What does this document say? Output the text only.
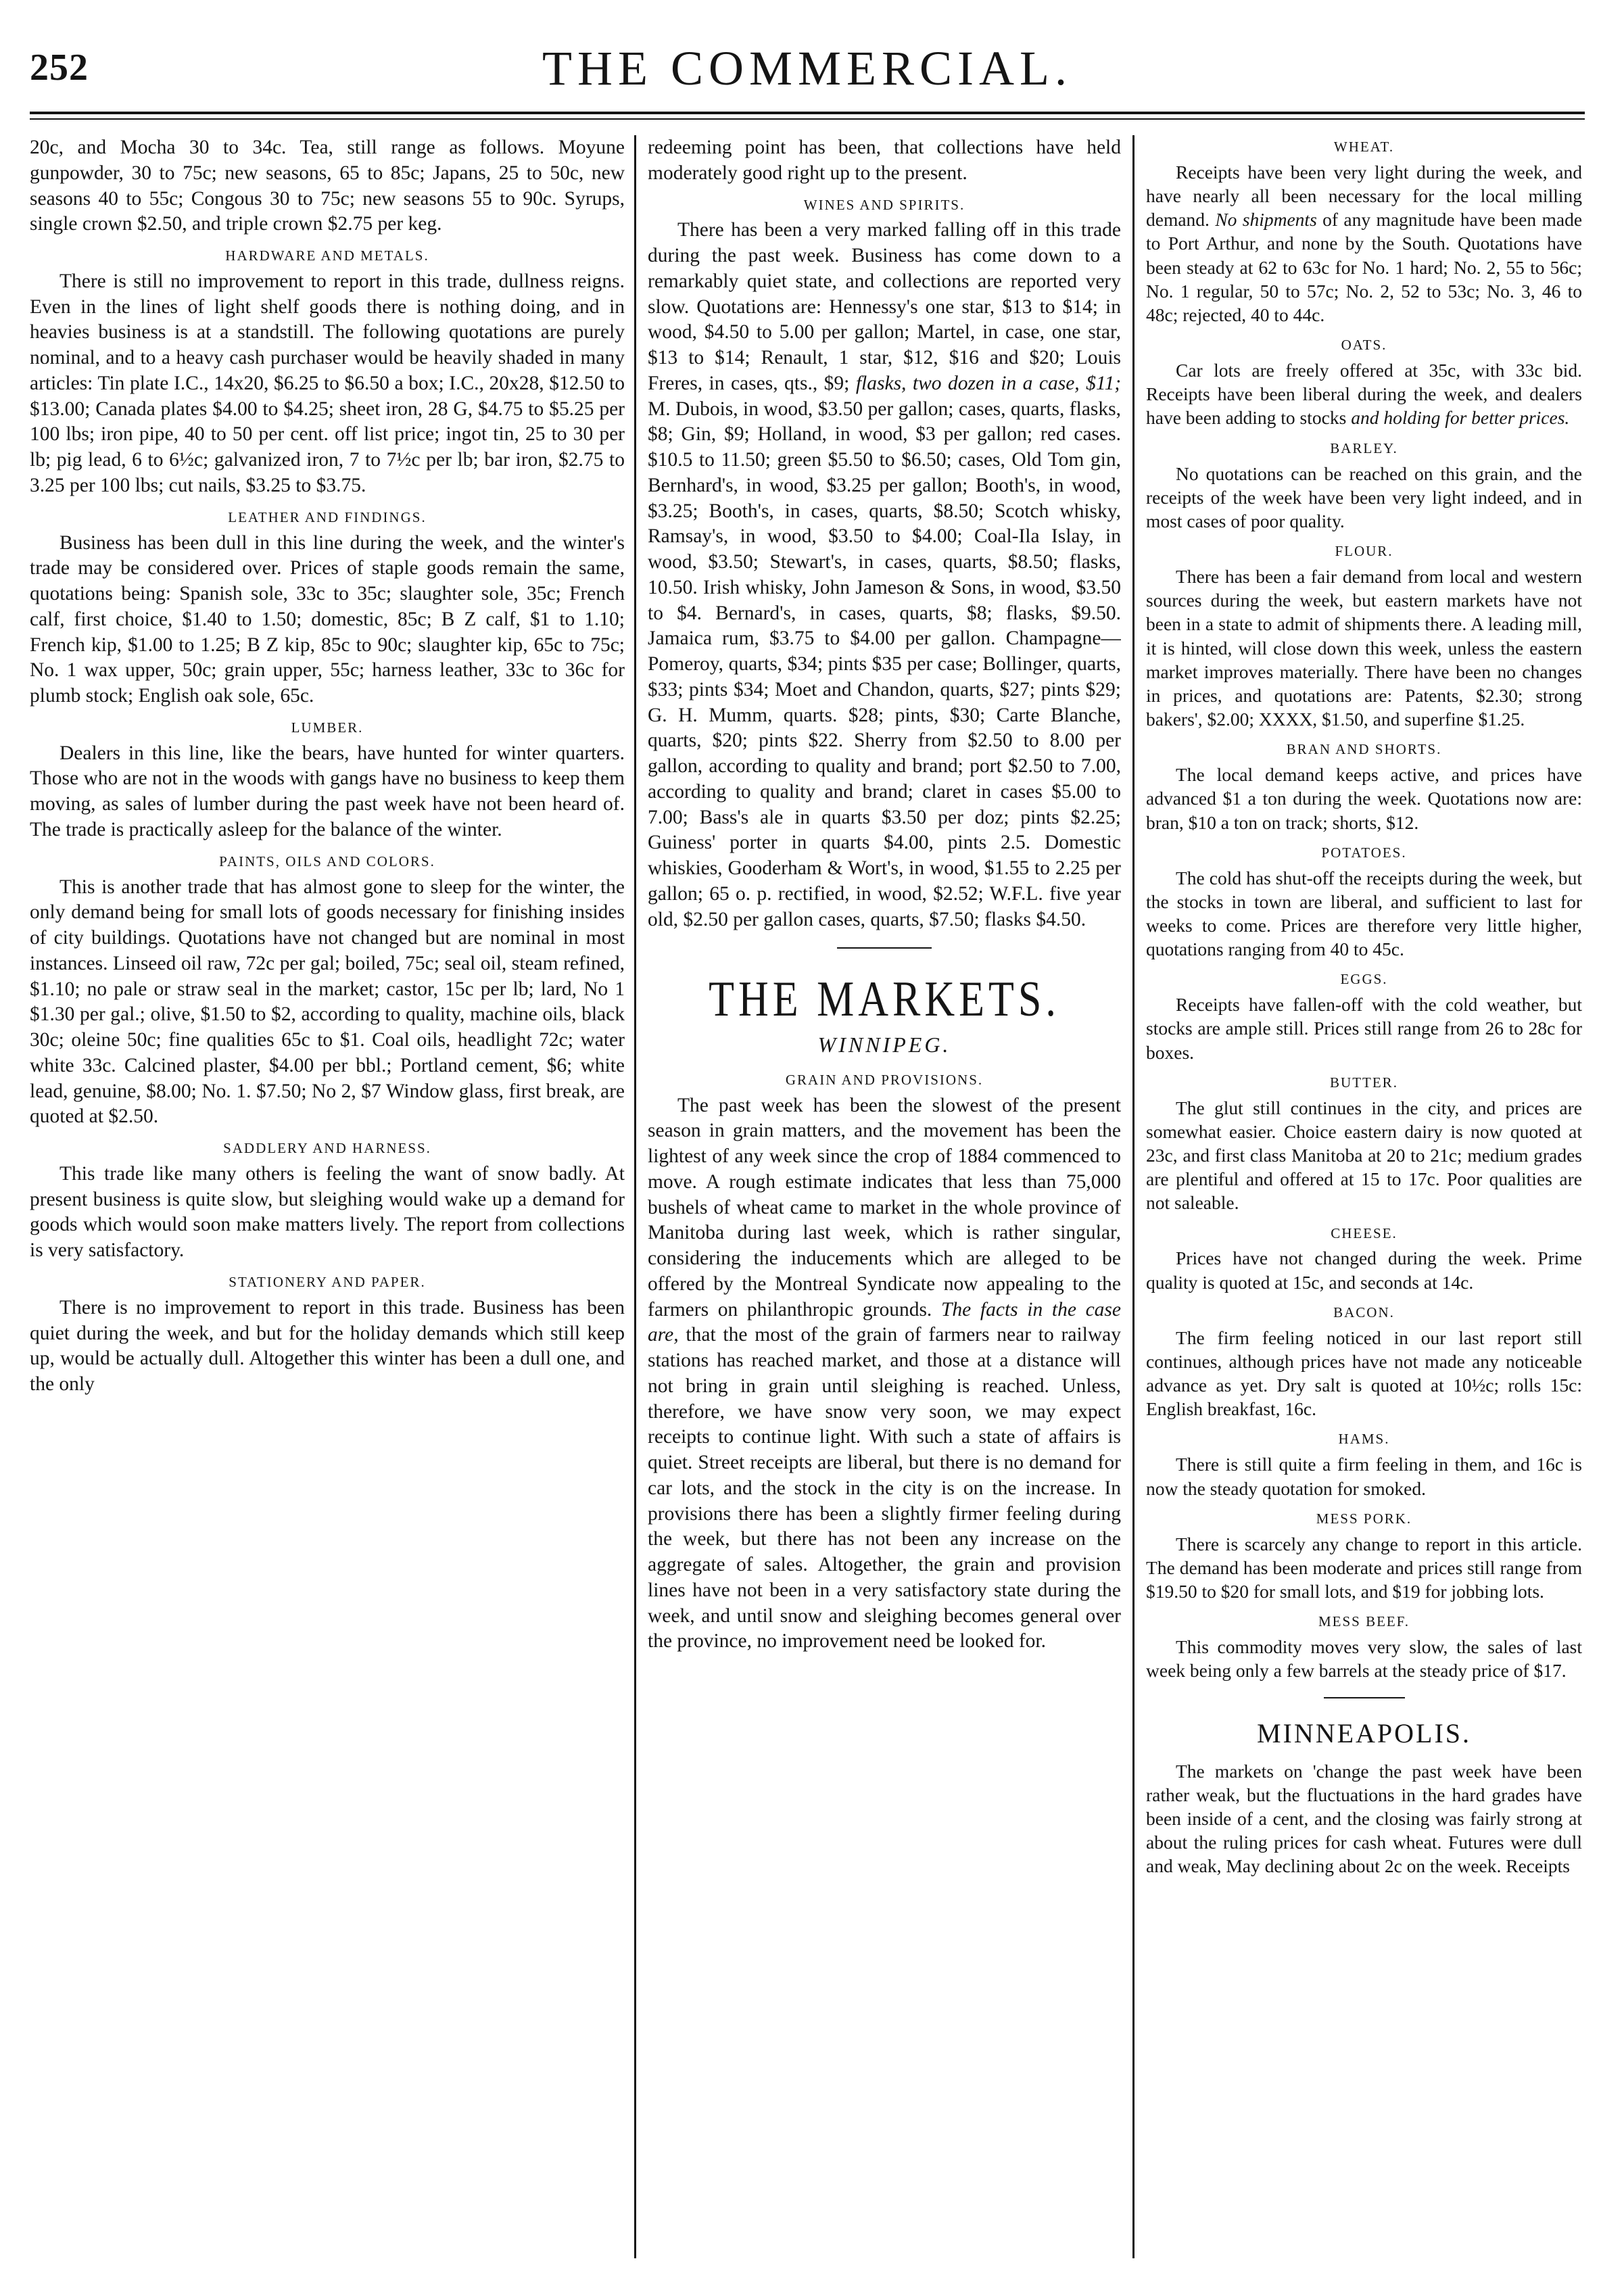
252	THE COMMERCIAL.

20c, and Mocha 30 to 34c. Tea, still range as follows. Moyune gunpowder, 30 to 75c; new seasons, 65 to 85c; Japans, 25 to 50c, new seasons 40 to 55c; Congous 30 to 75c; new seasons 55 to 90c. Syrups, single crown $2.50, and triple crown $2.75 per keg.

HARDWARE AND METALS.

There is still no improvement to report in this trade, dullness reigns. Even in the lines of light shelf goods there is nothing doing, and in heavies business is at a standstill. The following quotations are purely nominal, and to a heavy cash purchaser would be heavily shaded in many articles: Tin plate I.C., 14x20, $6.25 to $6.50 a box; I.C., 20x28, $12.50 to $13.00; Canada plates $4.00 to $4.25; sheet iron, 28 G, $4.75 to $5.25 per 100 lbs; iron pipe, 40 to 50 per cent. off list price; ingot tin, 25 to 30 per lb; pig lead, 6 to 6½c; galvanized iron, 7 to 7½c per lb; bar iron, $2.75 to 3.25 per 100 lbs; cut nails, $3.25 to $3.75.

LEATHER AND FINDINGS.

Business has been dull in this line during the week, and the winter's trade may be considered over. Prices of staple goods remain the same, quotations being: Spanish sole, 33c to 35c; slaughter sole, 35c; French calf, first choice, $1.40 to 1.50; domestic, 85c; B Z calf, $1 to 1.10; French kip, $1.00 to 1.25; B Z kip, 85c to 90c; slaughter kip, 65c to 75c; No. 1 wax upper, 50c; grain upper, 55c; harness leather, 33c to 36c for plumb stock; English oak sole, 65c.

LUMBER.

Dealers in this line, like the bears, have hunted for winter quarters. Those who are not in the woods with gangs have no business to keep them moving, as sales of lumber during the past week have not been heard of. The trade is practically asleep for the balance of the winter.

PAINTS, OILS AND COLORS.

This is another trade that has almost gone to sleep for the winter, the only demand being for small lots of goods necessary for finishing insides of city buildings. Quotations have not changed but are nominal in most instances. Linseed oil raw, 72c per gal; boiled, 75c; seal oil, steam refined, $1.10; no pale or straw seal in the market; castor, 15c per lb; lard, No 1 $1.30 per gal.; olive, $1.50 to $2, according to quality, machine oils, black 30c; oleine 50c; fine qualities 65c to $1. Coal oils, headlight 72c; water white 33c. Calcined plaster, $4.00 per bbl.; Portland cement, $6; white lead, genuine, $8.00; No. 1. $7.50; No 2, $7 Window glass, first break, are quoted at $2.50.

SADDLERY AND HARNESS.

This trade like many others is feeling the want of snow badly. At present business is quite slow, but sleighing would wake up a demand for goods which would soon make matters lively. The report from collections is very satisfactory.

STATIONERY AND PAPER.

There is no improvement to report in this trade. Business has been quiet during the week, and but for the holiday demands which still keep up, would be actually dull. Altogether this winter has been a dull one, and the only

redeeming point has been, that collections have held moderately good right up to the present.

WINES AND SPIRITS.

There has been a very marked falling off in this trade during the past week. Business has come down to a remarkably quiet state, and collections are reported very slow. Quotations are: Hennessy's one star, $13 to $14; in wood, $4.50 to 5.00 per gallon; Martel, in case, one star, $13 to $14; Renault, 1 star, $12, $16 and $20; Louis Freres, in cases, qts., $9; flasks, two dozen in a case, $11; M. Dubois, in wood, $3.50 per gallon; cases, quarts, flasks, $8; Gin, $9; Holland, in wood, $3 per gallon; red cases. $10.5 to 11.50; green $5.50 to $6.50; cases, Old Tom gin, Bernhard's, in wood, $3.25 per gallon; Booth's, in wood, $3.25; Booth's, in cases, quarts, $8.50; Scotch whisky, Ramsay's, in wood, $3.50 to $4.00; Coal-Ila Islay, in wood, $3.50; Stewart's, in cases, quarts, $8.50; flasks, 10.50. Irish whisky, John Jameson & Sons, in wood, $3.50 to $4. Bernard's, in cases, quarts, $8; flasks, $9.50. Jamaica rum, $3.75 to $4.00 per gallon. Champagne—Pomeroy, quarts, $34; pints $35 per case; Bollinger, quarts, $33; pints $34; Moet and Chandon, quarts, $27; pints $29; G. H. Mumm, quarts. $28; pints, $30; Carte Blanche, quarts, $20; pints $22. Sherry from $2.50 to 8.00 per gallon, according to quality and brand; port $2.50 to 7.00, according to quality and brand; claret in cases $5.00 to 7.00; Bass's ale in quarts $3.50 per doz; pints $2.25; Guiness' porter in quarts $4.00, pints 2.5. Domestic whiskies, Gooderham & Wort's, in wood, $1.55 to 2.25 per gallon; 65 o. p. rectified, in wood, $2.52; W.F.L. five year old, $2.50 per gallon cases, quarts, $7.50; flasks $4.50.

THE MARKETS.
WINNIPEG.
GRAIN AND PROVISIONS.

The past week has been the slowest of the present season in grain matters, and the movement has been the lightest of any week since the crop of 1884 commenced to move. A rough estimate indicates that less than 75,000 bushels of wheat came to market in the whole province of Manitoba during last week, which is rather singular, considering the inducements which are alleged to be offered by the Montreal Syndicate now appealing to the farmers on philanthropic grounds. The facts in the case are, that the most of the grain of farmers near to railway stations has reached market, and those at a distance will not bring in grain until sleighing is reached. Unless, therefore, we have snow very soon, we may expect receipts to continue light. With such a state of affairs is quiet. Street receipts are liberal, but there is no demand for car lots, and the stock in the city is on the increase. In provisions there has been a slightly firmer feeling during the week, but there has not been any increase on the aggregate of sales. Altogether, the grain and provision lines have not been in a very satisfactory state during the week, and until snow and sleighing becomes general over the province, no improvement need be looked for.

WHEAT.

Receipts have been very light during the week, and have nearly all been necessary for the local milling demand. No shipments of any magnitude have been made to Port Arthur, and none by the South. Quotations have been steady at 62 to 63c for No. 1 hard; No. 2, 55 to 56c; No. 1 regular, 50 to 57c; No. 2, 52 to 53c; No. 3, 46 to 48c; rejected, 40 to 44c.

OATS.

Car lots are freely offered at 35c, with 33c bid. Receipts have been liberal during the week, and dealers have been adding to stocks and holding for better prices.

BARLEY.

No quotations can be reached on this grain, and the receipts of the week have been very light indeed, and in most cases of poor quality.

FLOUR.

There has been a fair demand from local and western sources during the week, but eastern markets have not been in a state to admit of shipments there. A leading mill, it is hinted, will close down this week, unless the eastern market improves materially. There have been no changes in prices, and quotations are: Patents, $2.30; strong bakers', $2.00; XXXX, $1.50, and superfine $1.25.

BRAN AND SHORTS.

The local demand keeps active, and prices have advanced $1 a ton during the week. Quotations now are: bran, $10 a ton on track; shorts, $12.

POTATOES.

The cold has shut-off the receipts during the week, but the stocks in town are liberal, and sufficient to last for weeks to come. Prices are therefore very little higher, quotations ranging from 40 to 45c.

EGGS.

Receipts have fallen-off with the cold weather, but stocks are ample still. Prices still range from 26 to 28c for boxes.

BUTTER.

The glut still continues in the city, and prices are somewhat easier. Choice eastern dairy is now quoted at 23c, and first class Manitoba at 20 to 21c; medium grades are plentiful and offered at 15 to 17c. Poor qualities are not saleable.

CHEESE.

Prices have not changed during the week. Prime quality is quoted at 15c, and seconds at 14c.

BACON.

The firm feeling noticed in our last report still continues, although prices have not made any noticeable advance as yet. Dry salt is quoted at 10½c; rolls 15c: English breakfast, 16c.

HAMS.

There is still quite a firm feeling in them, and 16c is now the steady quotation for smoked.

MESS PORK.

There is scarcely any change to report in this article. The demand has been moderate and prices still range from $19.50 to $20 for small lots, and $19 for jobbing lots.

MESS BEEF.

This commodity moves very slow, the sales of last week being only a few barrels at the steady price of $17.

MINNEAPOLIS.

The markets on 'change the past week have been rather weak, but the fluctuations in the hard grades have been inside of a cent, and the closing was fairly strong at about the ruling prices for cash wheat. Futures were dull and weak, May declining about 2c on the week. Receipts
